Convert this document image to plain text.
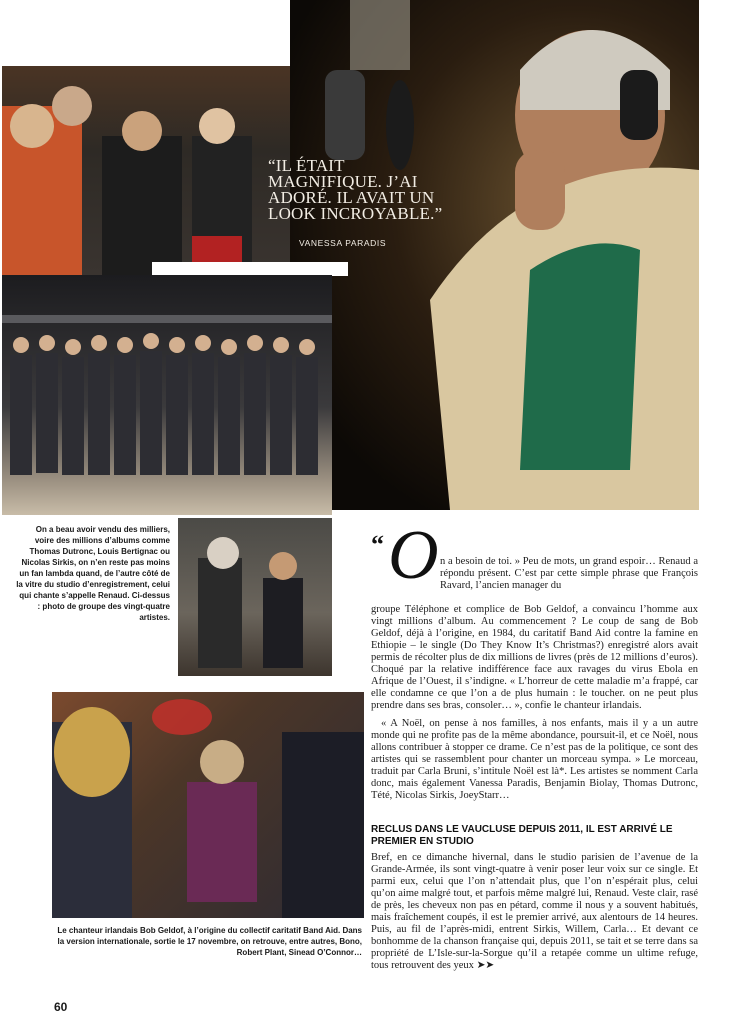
“IL ÉTAIT MAGNIFIQUE. J’AI ADORÉ. IL AVAIT UN LOOK INCROYABLE.”
VANESSA PARADIS
On a beau avoir vendu des milliers, voire des millions d’albums comme Thomas Dutronc, Louis Bertignac ou Nicolas Sirkis, on n’en reste pas moins un fan lambda quand, de l’autre côté de la vitre du studio d’enregistrement, celui qui chante s’appelle Renaud. Ci-dessus : photo de groupe des vingt-quatre artistes.
Le chanteur irlandais Bob Geldof, à l’origine du collectif caritatif Band Aid. Dans la version internationale, sortie le 17 novembre, on retrouve, entre autres, Bono, Robert Plant, Sinead O’Connor…
“ O n a besoin de toi. » Peu de mots, un grand espoir… Renaud a répondu présent. C’est par cette simple phrase que François Ravard, l’ancien manager du
groupe Téléphone et complice de Bob Geldof, a convaincu l’homme aux vingt millions d’album. Au commencement ? Le coup de sang de Bob Geldof, déjà à l’origine, en 1984, du caritatif Band Aid contre la famine en Ethiopie – le single (Do They Know It’s Christmas?) enregistré alors avait permis de récolter plus de dix millions de livres (près de 12 millions d’euros). Choqué par la relative indifférence face aux ravages du virus Ebola en Afrique de l’Ouest, il s’indigne. « L’horreur de cette maladie m’a frappé, car elle condamne ce que l’on a de plus humain : le toucher. on ne peut plus prendre dans ses bras, consoler… », confie le chanteur irlandais.
« A Noël, on pense à nos familles, à nos enfants, mais il y a un autre monde qui ne profite pas de la même abondance, poursuit-il, et ce Noël, nous allons contribuer à stopper ce drame. Ce n’est pas de la politique, ce sont des artistes qui se rassemblent pour chanter un morceau sympa. » Le morceau, traduit par Carla Bruni, s’intitule Noël est là*. Les artistes se nomment Carla donc, mais également Vanessa Paradis, Benjamin Biolay, Thomas Dutronc, Tété, Nicolas Sirkis, JoeyStarr…
RECLUS DANS LE VAUCLUSE DEPUIS 2011, IL EST ARRIVÉ LE PREMIER EN STUDIO
Bref, en ce dimanche hivernal, dans le studio parisien de l’avenue de la Grande-Armée, ils sont vingt-quatre à venir poser leur voix sur ce single. Et parmi eux, celui que l’on n’attendait plus, que l’on n’espérait plus, celui qu’on aime malgré tout, et parfois même malgré lui, Renaud. Veste clair, rasé de près, les cheveux non pas en pétard, comme il nous y a souvent habitués, mais fraîchement coupés, il est le premier arrivé, aux alentours de 14 heures. Puis, au fil de l’après-midi, entrent Sirkis, Willem, Carla… Et devant ce bonhomme de la chanson française qui, depuis 2011, se tait et se terre dans sa propriété de L’Isle-sur-la-Sorgue qu’il a retapée comme un ultime refuge, tous retrouvent des yeux ➤➤
60
